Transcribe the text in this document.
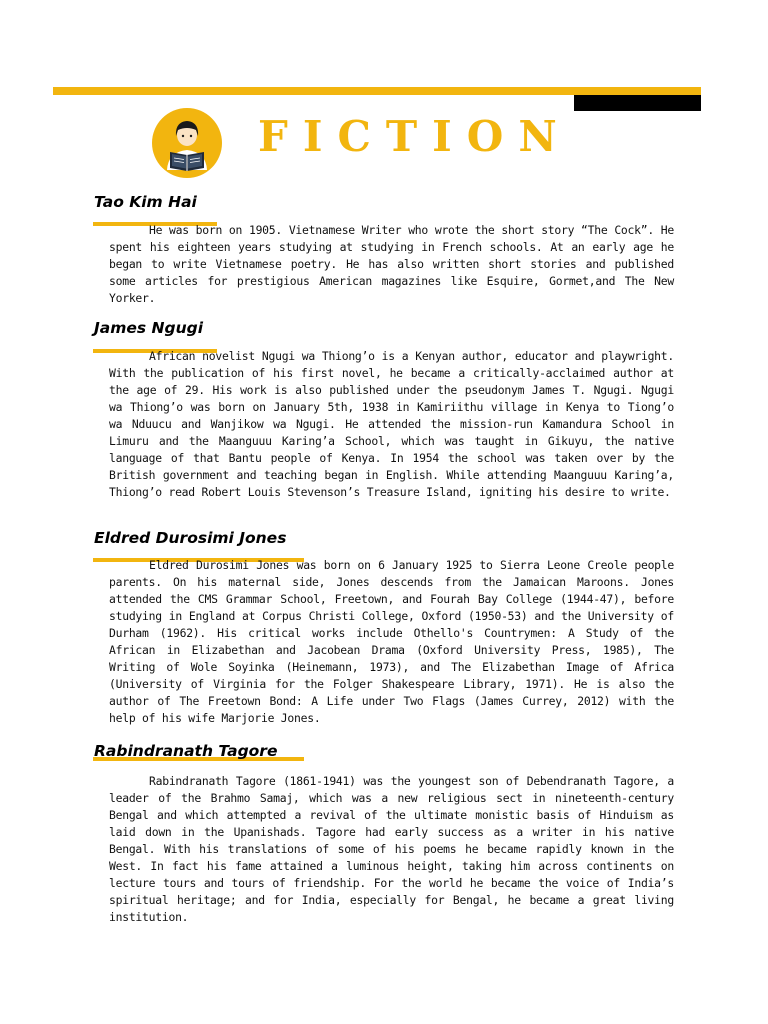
FICTION
Tao Kim Hai

He was born on 1905. Vietnamese Writer who wrote the short story “The Cock”. He spent his eighteen years studying at studying in French schools. At an early age he began to write Vietnamese poetry. He has also written short stories and published some articles for prestigious American magazines like Esquire, Gormet,and The New Yorker.

James Ngugi

African novelist Ngugi wa Thiong’o is a Kenyan author, educator and playwright. With the publication of his first novel, he became a critically-acclaimed author at the age of 29. His work is also published under the pseudonym James T. Ngugi. Ngugi wa Thiong’o was born on January 5th, 1938 in Kamiriithu village in Kenya to Tiong’o wa Nduucu and Wanjikow wa Ngugi. He attended the mission-run Kamandura School in Limuru and the Maanguuu Karing’a School, which was taught in Gikuyu, the native language of that Bantu people of Kenya. In 1954 the school was taken over by the British government and teaching began in English. While attending Maanguuu Karing’a, Thiong’o read Robert Louis Stevenson’s Treasure Island, igniting his desire to write.

Eldred Durosimi Jones

Eldred Durosimi Jones was born on 6 January 1925 to Sierra Leone Creole people parents. On his maternal side, Jones descends from the Jamaican Maroons. Jones attended the CMS Grammar School, Freetown, and Fourah Bay College (1944-47), before studying in England at Corpus Christi College, Oxford (1950-53) and the University of Durham (1962). His critical works include Othello's Countrymen: A Study of the African in Elizabethan and Jacobean Drama (Oxford University Press, 1985), The Writing of Wole Soyinka (Heinemann, 1973), and The Elizabethan Image of Africa (University of Virginia for the Folger Shakespeare Library, 1971). He is also the author of The Freetown Bond: A Life under Two Flags (James Currey, 2012) with the help of his wife Marjorie Jones.

Rabindranath Tagore

Rabindranath Tagore (1861-1941) was the youngest son of Debendranath Tagore, a leader of the Brahmo Samaj, which was a new religious sect in nineteenth-century Bengal and which attempted a revival of the ultimate monistic basis of Hinduism as laid down in the Upanishads. Tagore had early success as a writer in his native Bengal. With his translations of some of his poems he became rapidly known in the West. In fact his fame attained a luminous height, taking him across continents on lecture tours and tours of friendship. For the world he became the voice of India’s spiritual heritage; and for India, especially for Bengal, he became a great living institution.
